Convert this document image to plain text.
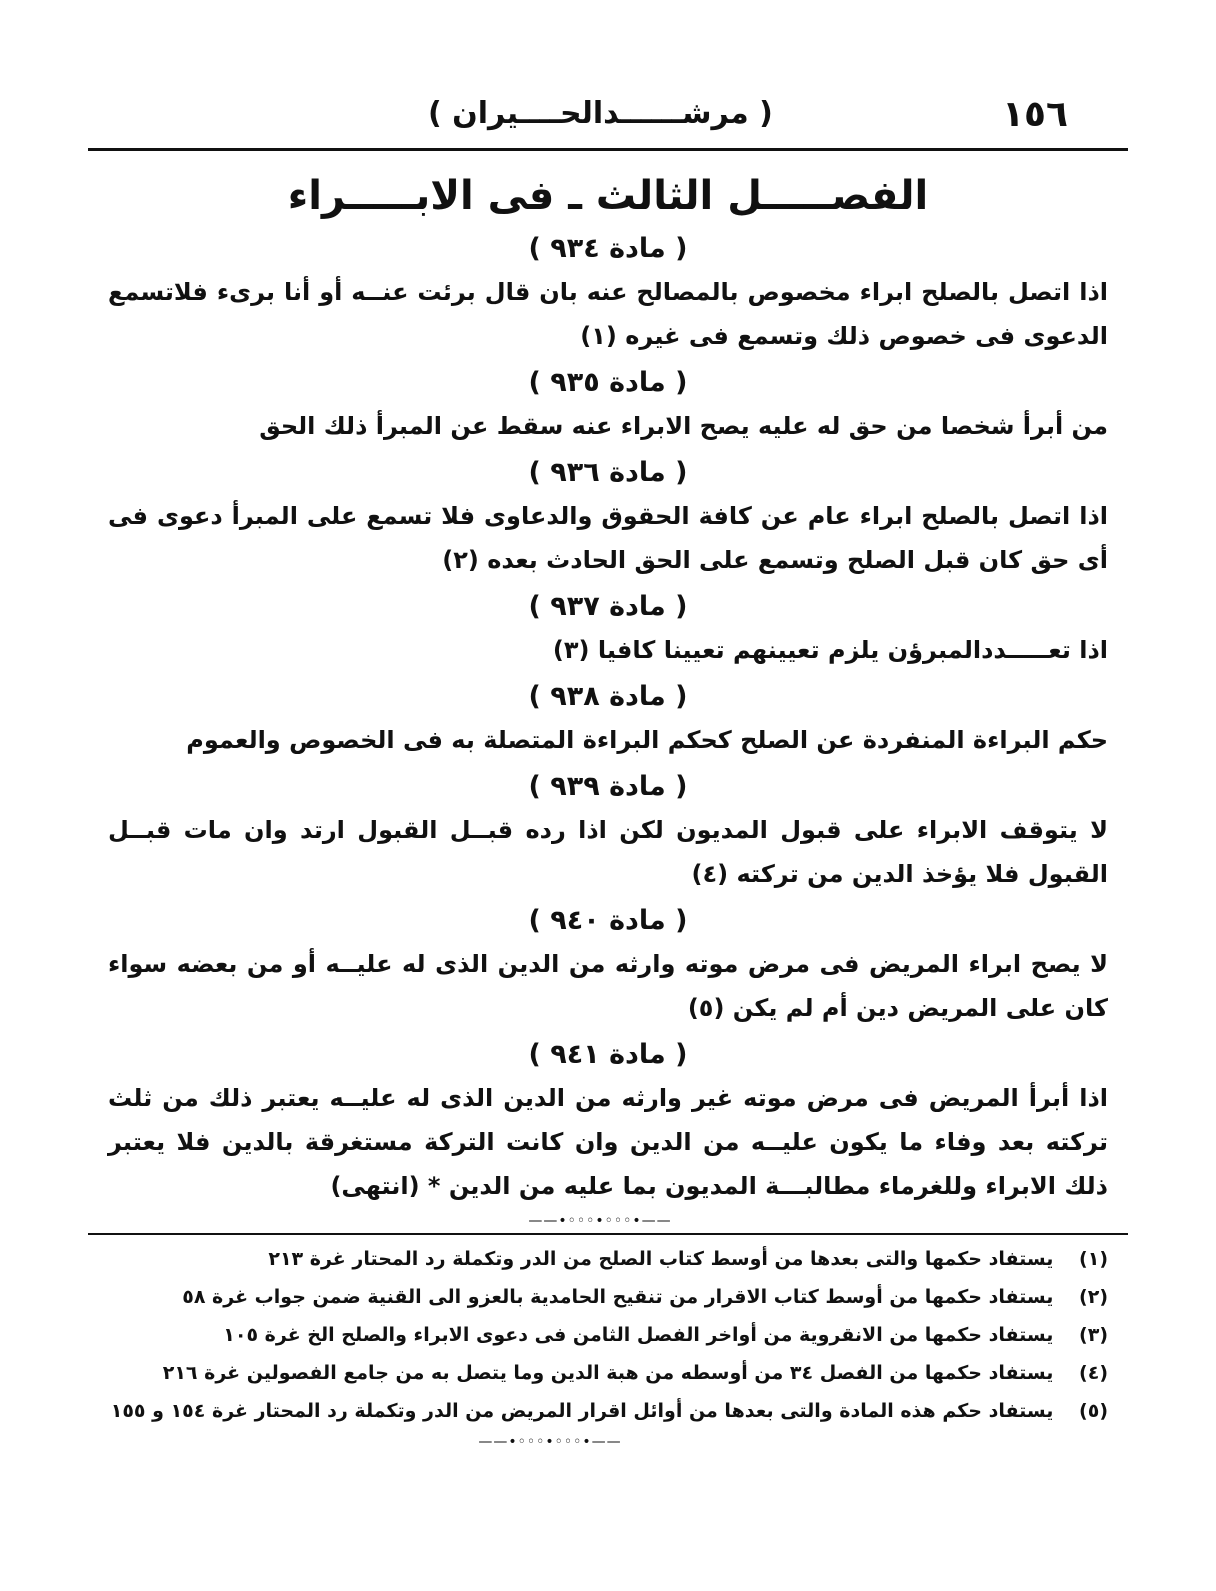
١٥٦
( مرشــــــدالحــــيران )
الفصـــــل الثالث ـ فى الابـــــراء

( مادة ٩٣٤ )

اذا اتصل بالصلح ابراء مخصوص بالمصالح عنه بان قال برئت عنــه أو أنا برىء فلاتسمع الدعوى فى خصوص ذلك وتسمع فى غيره (١)

( مادة ٩٣٥ )

من أبرأ شخصا من حق له عليه يصح الابراء عنه سقط عن المبرأ ذلك الحق

( مادة ٩٣٦ )

اذا اتصل بالصلح ابراء عام عن كافة الحقوق والدعاوى فلا تسمع على المبرأ دعوى فى أى حق كان قبل الصلح وتسمع على الحق الحادث بعده (٢)

( مادة ٩٣٧ )

اذا تعـــــددالمبرؤن يلزم تعيينهم تعيينا كافيا (٣)

( مادة ٩٣٨ )

حكم البراءة المنفردة عن الصلح كحكم البراءة المتصلة به فى الخصوص والعموم

( مادة ٩٣٩ )

لا يتوقف الابراء على قبول المديون لكن اذا رده قبــل القبول ارتد وان مات قبــل القبول فلا يؤخذ الدين من تركته (٤)

( مادة ٩٤٠ )

لا يصح ابراء المريض فى مرض موته وارثه من الدين الذى له عليــه أو من بعضه سواء كان على المريض دين أم لم يكن (٥)

( مادة ٩٤١ )

اذا أبرأ المريض فى مرض موته غير وارثه من الدين الذى له عليــه يعتبر ذلك من ثلث تركته بعد وفاء ما يكون عليــه من الدين وان كانت التركة مستغرقة بالدين فلا يعتبر ذلك الابراء وللغرماء مطالبـــة المديون بما عليه من الدين * (انتهى)

——•◦◦◦•◦◦◦•——
(١) يستفاد حكمها والتى بعدها من أوسط كتاب الصلح من الدر وتكملة رد المحتار غرة ٢١٣
(٢) يستفاد حكمها من أوسط كتاب الاقرار من تنقيح الحامدية بالعزو الى القنية ضمن جواب غرة ٥٨
(٣) يستفاد حكمها من الانقروية من أواخر الفصل الثامن فى دعوى الابراء والصلح الخ غرة ١٠٥
(٤) يستفاد حكمها من الفصل ٣٤ من أوسطه من هبة الدين وما يتصل به من جامع الفصولين غرة ٢١٦
(٥) يستفاد حكم هذه المادة والتى بعدها من أوائل اقرار المريض من الدر وتكملة رد المحتار غرة ١٥٤ و ١٥٥
——•◦◦◦•◦◦◦•——
